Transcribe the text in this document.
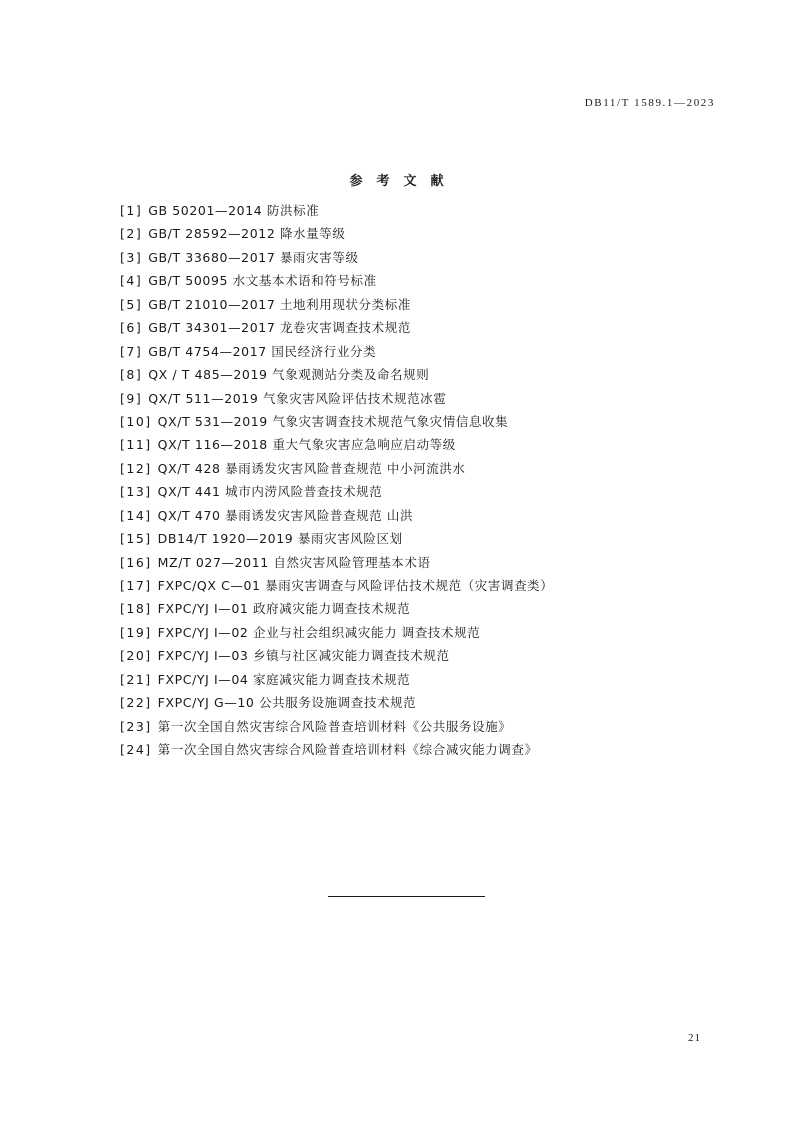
DB11/T 1589.1—2023
参考文献
[1] GB 50201—2014 防洪标准
[2] GB/T 28592—2012 降水量等级
[3] GB/T 33680—2017 暴雨灾害等级
[4] GB/T 50095 水文基本术语和符号标准
[5] GB/T 21010—2017 土地利用现状分类标准
[6] GB/T 34301—2017 龙卷灾害调查技术规范
[7] GB/T 4754—2017 国民经济行业分类
[8] QX / T 485—2019 气象观测站分类及命名规则
[9] QX/T 511—2019 气象灾害风险评估技术规范冰雹
[10] QX/T 531—2019 气象灾害调查技术规范气象灾情信息收集
[11] QX/T 116—2018 重大气象灾害应急响应启动等级
[12] QX/T 428 暴雨诱发灾害风险普查规范 中小河流洪水
[13] QX/T 441 城市内涝风险普查技术规范
[14] QX/T 470 暴雨诱发灾害风险普查规范 山洪
[15] DB14/T 1920—2019 暴雨灾害风险区划
[16] MZ/T 027—2011 自然灾害风险管理基本术语
[17] FXPC/QX C—01 暴雨灾害调查与风险评估技术规范（灾害调查类）
[18] FXPC/YJ I—01 政府减灾能力调查技术规范
[19] FXPC/YJ I—02 企业与社会组织减灾能力 调查技术规范
[20] FXPC/YJ I—03 乡镇与社区减灾能力调查技术规范
[21] FXPC/YJ I—04 家庭减灾能力调查技术规范
[22] FXPC/YJ G—10 公共服务设施调查技术规范
[23] 第一次全国自然灾害综合风险普查培训材料《公共服务设施》
[24] 第一次全国自然灾害综合风险普查培训材料《综合减灾能力调查》
21
